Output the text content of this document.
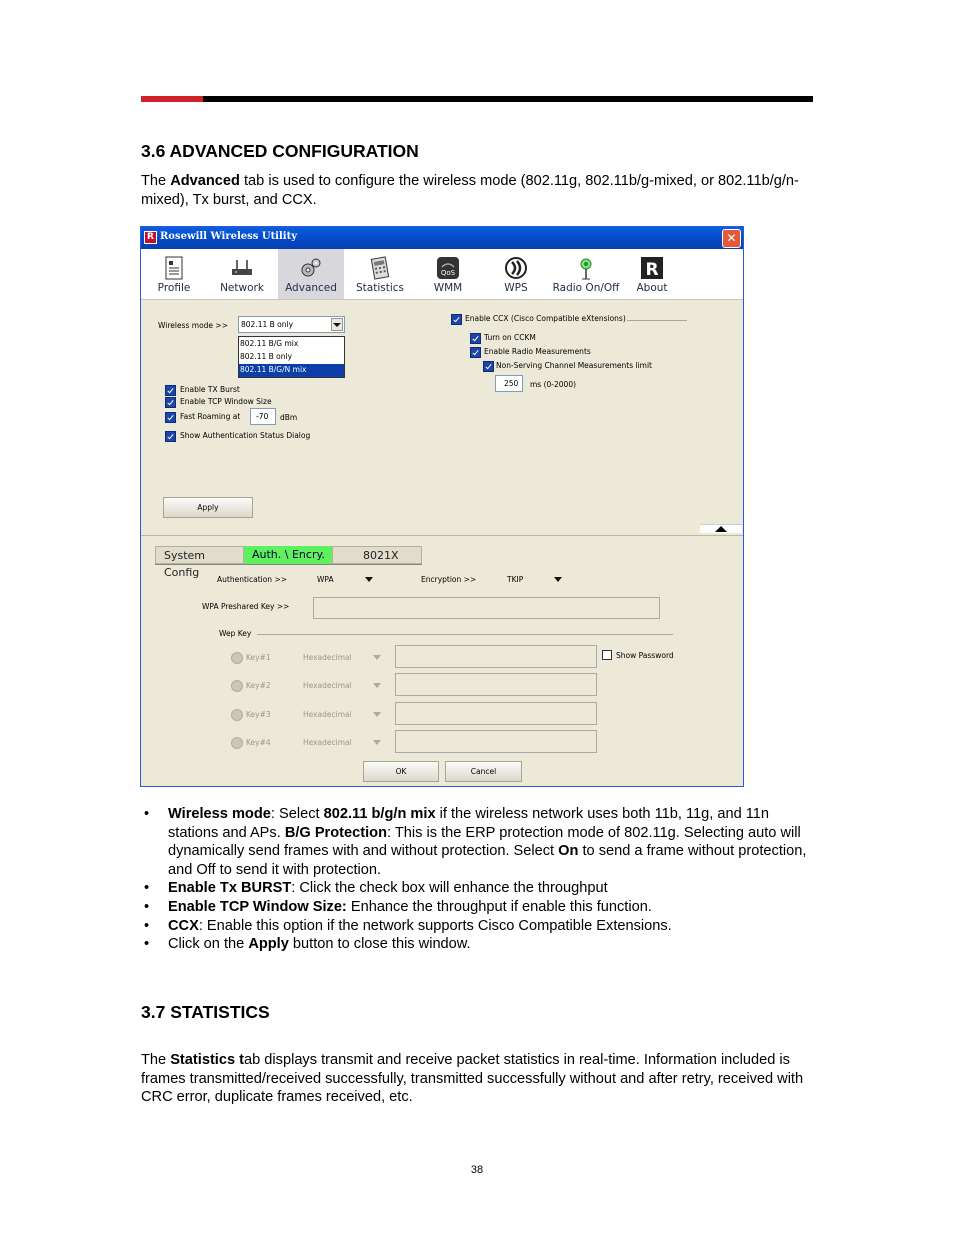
3.6 ADVANCED CONFIGURATION
The Advanced tab is used to configure the wireless mode (802.11g, 802.11b/g-mixed, or 802.11b/g/n-mixed), Tx burst, and CCX.
R Rosewill Wireless Utility	✕
Profile	Network	Advanced	Statistics
QoS
WMM	WPS	Radio On/Off
R
About
Wireless mode >> 802.11 B only
802.11 B/G mix
802.11 B only
802.11 B/G/N mix
Enable TX Burst
Enable TCP Window Size
Fast Roaming at -70 dBm
Show Authentication Status Dialog
Enable CCX (Cisco Compatible eXtensions)
Turn on CCKM
Enable Radio Measurements
Non-Serving Channel Measurements limit
250 ms (0-2000)
Apply
System Config
Auth. \ Encry.	8021X
Authentication >>	WPA	Encryption >>	TKIP
WPA Preshared Key >>
Wep Key
Key#1	Hexadecimal
Key#2	Hexadecimal
Key#3	Hexadecimal
Key#4	Hexadecimal
Show Password
OK	Cancel
• Wireless mode: Select 802.11 b/g/n mix if the wireless network uses both 11b, 11g, and 11n stations and APs. B/G Protection: This is the ERP protection mode of 802.11g. Selecting auto will dynamically send frames with and without protection. Select On to send a frame without protection, and Off to send it with protection.
• Enable Tx BURST: Click the check box will enhance the throughput
• Enable TCP Window Size: Enhance the throughput if enable this function.
• CCX: Enable this option if the network supports Cisco Compatible Extensions.
• Click on the Apply button to close this window.
3.7 STATISTICS
The Statistics tab displays transmit and receive packet statistics in real-time. Information included is frames transmitted/received successfully, transmitted successfully without and after retry, received with CRC error, duplicate frames received, etc.
38
